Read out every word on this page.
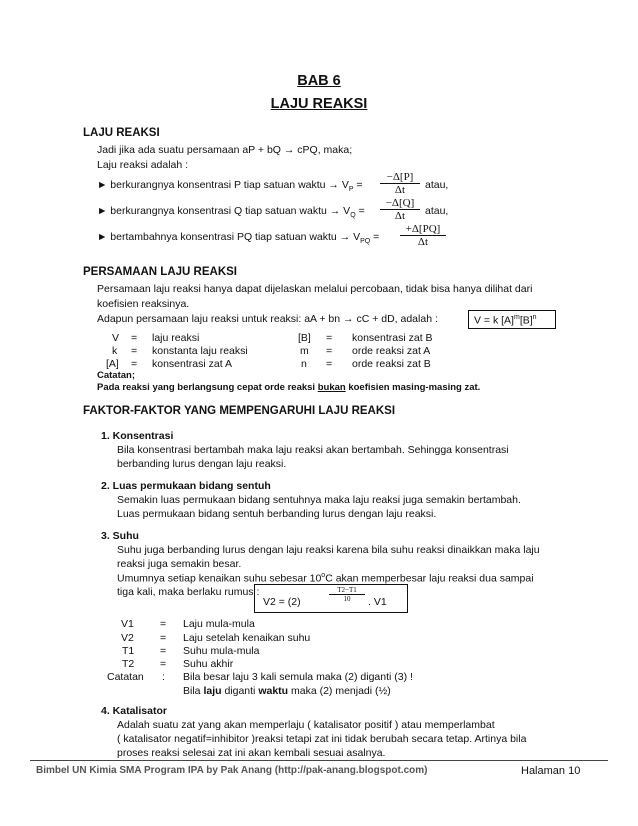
BAB 6
LAJU REAKSI
LAJU REAKSI
Jadi jika ada suatu persamaan aP + bQ → cPQ, maka;
Laju reaksi adalah :
► berkurangnya konsentrasi P tiap satuan waktu → $V_P = \frac{-\Delta[P]}{\Delta t}$ atau,
► berkurangnya konsentrasi Q tiap satuan waktu → $V_Q = \frac{-\Delta[Q]}{\Delta t}$ atau,
► bertambahnya konsentrasi PQ tiap satuan waktu → $V_{PQ} = \frac{+\Delta[PQ]}{\Delta t}$
PERSAMAAN LAJU REAKSI
Persamaan laju reaksi hanya dapat dijelaskan melalui percobaan, tidak bisa hanya dilihat dari
koefisien reaksinya.
Adapun persamaan laju reaksi untuk reaksi: aA + bn → cC + dD, adalah :	V = k $[A]^m[B]^n$
V = laju reaksi	[B] = konsentrasi zat B
k = konstanta laju reaksi	m = orde reaksi zat A
[A] = konsentrasi zat A	n = orde reaksi zat B
Catatan;
Pada reaksi yang berlangsung cepat orde reaksi bukan koefisien masing-masing zat.
FAKTOR-FAKTOR YANG MEMPENGARUHI LAJU REAKSI
1. Konsentrasi
Bila konsentrasi bertambah maka laju reaksi akan bertambah. Sehingga konsentrasi
berbanding lurus dengan laju reaksi.
2. Luas permukaan bidang sentuh
Semakin luas permukaan bidang sentuhnya maka laju reaksi juga semakin bertambah.
Luas permukaan bidang sentuh berbanding lurus dengan laju reaksi.
3. Suhu
Suhu juga berbanding lurus dengan laju reaksi karena bila suhu reaksi dinaikkan maka laju
reaksi juga semakin besar.
Umumnya setiap kenaikan suhu sebesar 10$^o$C akan memperbesar laju reaksi dua sampai
tiga kali, maka berlaku rumus :	$\frac{T2-T1}{10}$
V2 = (2)	. V1
V1 = Laju mula-mula
V2 = Laju setelah kenaikan suhu
T1 = Suhu mula-mula
T2 = Suhu akhir
Catatan : Bila besar laju 3 kali semula maka (2) diganti (3) !
Bila laju diganti waktu maka (2) menjadi (½)
4. Katalisator
Adalah suatu zat yang akan memperlaju ( katalisator positif ) atau memperlambat
( katalisator negatif=inhibitor )reaksi tetapi zat ini tidak berubah secara tetap. Artinya bila
proses reaksi selesai zat ini akan kembali sesuai asalnya.
Bimbel UN Kimia SMA Program IPA by Pak Anang (http://pak-anang.blogspot.com)	Halaman 10
